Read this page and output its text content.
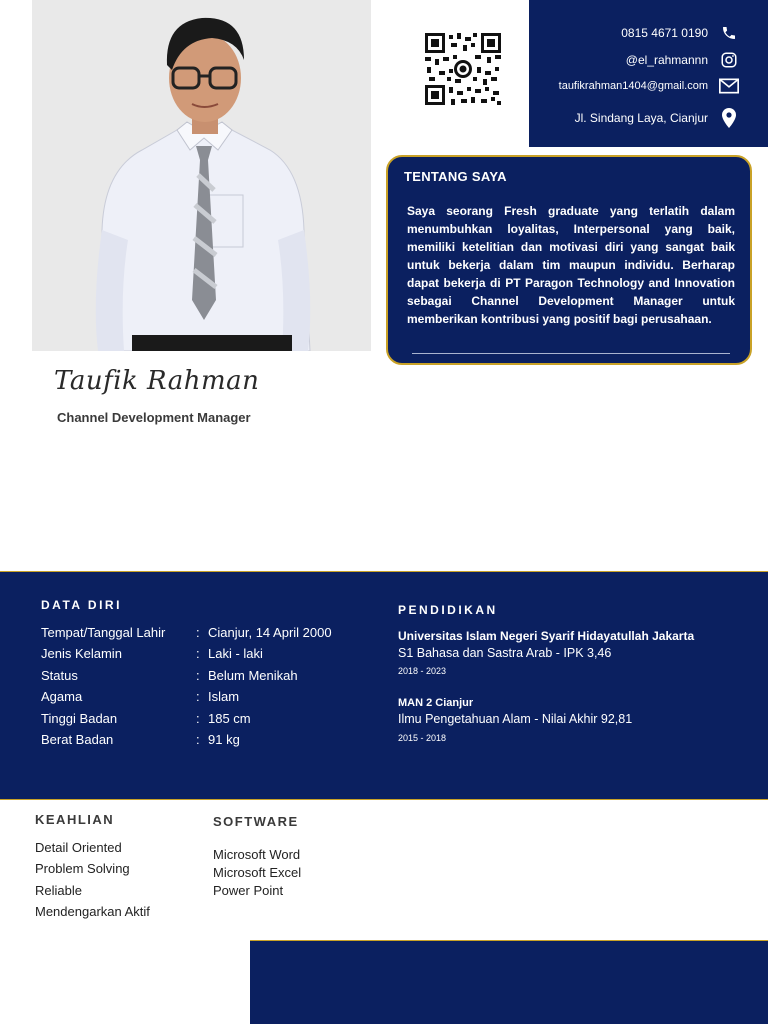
0815 4671 0190
@el_rahmannn
taufikrahman1404@gmail.com
Jl. Sindang Laya, Cianjur
TENTANG SAYA
Saya seorang Fresh graduate yang terlatih dalam menumbuhkan loyalitas, Interpersonal yang baik, memiliki ketelitian dan motivasi diri yang sangat baik untuk bekerja dalam tim maupun individu. Berharap dapat bekerja di PT Paragon Technology and Innovation sebagai Channel Development Manager untuk memberikan kontribusi yang positif bagi perusahaan.
Taufik Rahman
Channel Development Manager
DATA DIRI
Tempat/Tanggal Lahir	: Cianjur, 14 April 2000
Jenis Kelamin	: Laki - laki
Status	: Belum Menikah
Agama	: Islam
Tinggi Badan	: 185 cm
Berat Badan	: 91 kg
PENDIDIKAN
Universitas Islam Negeri Syarif Hidayatullah Jakarta
S1 Bahasa dan Sastra Arab - IPK 3,46
2018 - 2023
MAN 2 Cianjur
Ilmu Pengetahuan Alam - Nilai Akhir 92,81
2015 - 2018
KEAHLIAN
Detail Oriented
Problem Solving
Reliable
Mendengarkan Aktif
SOFTWARE
Microsoft Word
Microsoft Excel
Power Point
